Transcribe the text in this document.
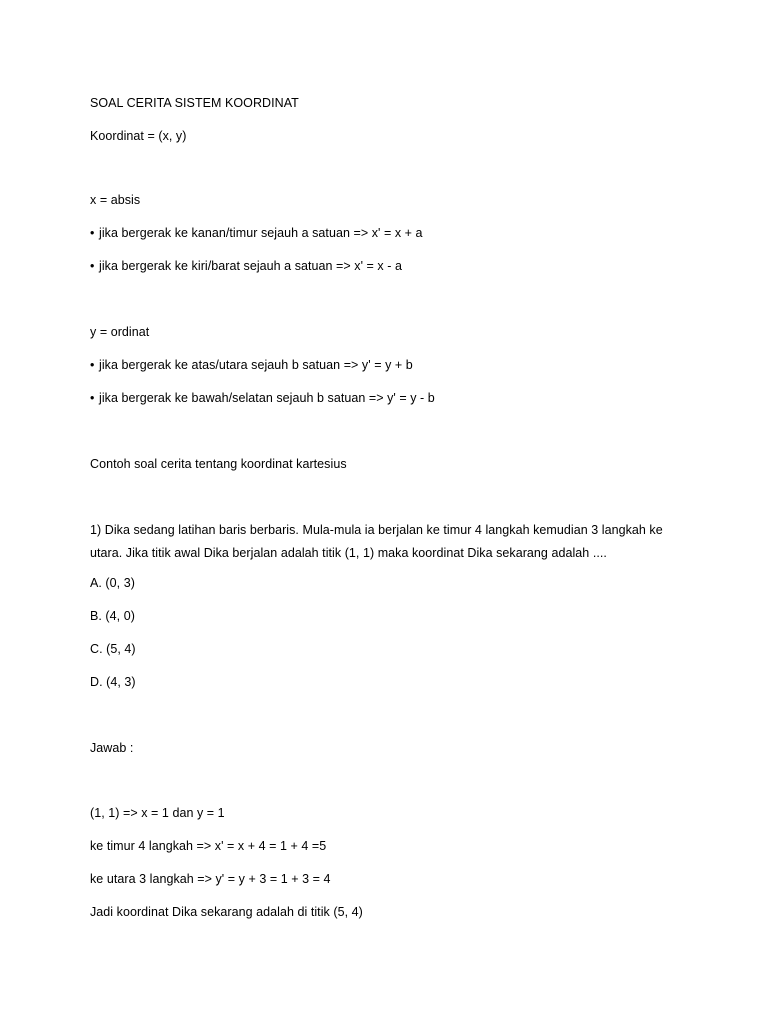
SOAL CERITA SISTEM KOORDINAT
Koordinat = (x, y)
x = absis
• jika bergerak ke kanan/timur sejauh a satuan => x' = x + a
• jika bergerak ke kiri/barat sejauh a satuan => x' = x - a
y = ordinat
• jika bergerak ke atas/utara sejauh b satuan => y' = y + b
• jika bergerak ke bawah/selatan sejauh b satuan => y' = y - b
Contoh soal cerita tentang koordinat kartesius
1) Dika sedang latihan baris berbaris. Mula-mula ia berjalan ke timur 4 langkah kemudian 3 langkah ke utara. Jika titik awal Dika berjalan adalah titik (1, 1) maka koordinat Dika sekarang adalah ....
A. (0, 3)
B. (4, 0)
C. (5, 4)
D. (4, 3)
Jawab :
(1, 1) => x = 1 dan y = 1
ke timur 4 langkah => x' = x + 4 = 1 + 4 =5
ke utara 3 langkah => y' = y + 3 = 1 + 3 = 4
Jadi koordinat Dika sekarang adalah di titik (5, 4)
